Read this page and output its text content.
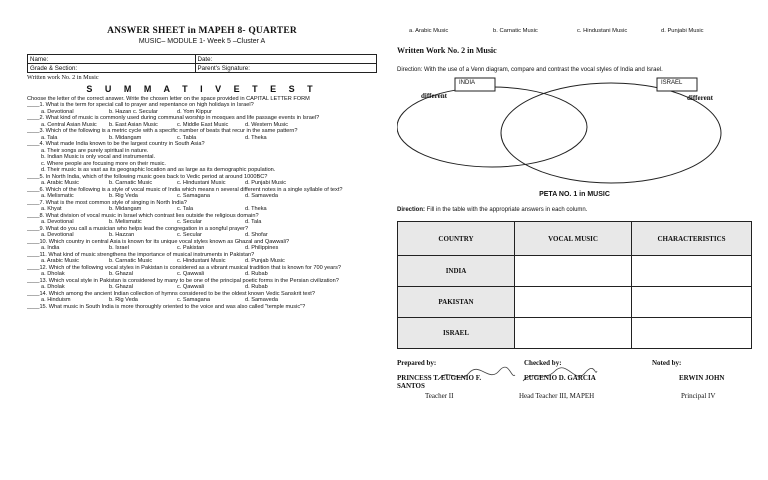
ANSWER SHEET in MAPEH 8- QUARTER
MUSIC– MODULE 1- Week 5 –Cluster A
Name:	Date:
Grade & Section:	Parent's Signature:
Written work No. 2 in Music
S U M M A T I V E T E S T
Choose the letter of the correct answer. Write the chosen letter on the space provided in CAPITAL LETTER FORM
____1. What is the term for special call to prayer and repentance on high holidays in Israel?
a. Devotional	b. Hazan c. Secular	d. Yom Kippur
____2. What kind of music is commonly used during communal worship in mosques and life passage events in Israel?
a. Central Asian Music	b. East Asian Music	c. Middle East Music	d. Western Music
____3. Which of the following is a metric cycle with a specific number of beats that recur in the same pattern?
a. Tala	b. Midangam	c. Tabla	d. Theka
____4. What made India known to be the largest country in South Asia?
a. Their songs are purely spiritual in nature.
b. Indian Music is only vocal and instrumental.
c. Where people are focusing more on their music.
d. Their music is as vast as its geographic location and as large as its demographic population.
____5. In North India, which of the following music goes back to Vedic period at around 1000BC?
a. Arabic Music	b. Carnatic Music	c. Hindustani Music	d. Punjabi Music
____6. Which of the following is a style of vocal music of India which means n several different notes in a single syllable of text?
a. Melismatic	b. Rig Veda	c. Samagana	d. Samaveda
____7. What is the most common style of singing in North India?
a. Khyat	b. Midangam	c. Tala	d. Theka
____8. What division of vocal music in Israel which contrast lies outside the religious domain?
a. Devotional	b. Melismatic	c. Secular	d. Tala
____9. What do you call a musician who helps lead the congregation in a songful prayer?
a. Devotional	b. Hazzan	c. Secular	d. Shofar
____10. Which country in central Asia is known for its unique vocal styles known as Ghazal and Qawwali?
a. India	b. Israel	c. Pakistan	d. Philippines
____11. What kind of music strengthens the importance of musical instruments in Pakistan?
a. Arabic Music	b. Carnatic Music	c. Hindustani Music	d. Punjab Music
____12. Which of the following vocal styles in Pakistan is considered as a vibrant musical tradition that is known for 700 years?
a. Dholak	b. Ghazal	c. Qawwali	d. Rubab
____13. Which vocal style in Pakistan is considered by many to be one of the principal poetic forms in the Persian civilization?
a. Dholak	b. Ghazal	c. Qawwali	d. Rubab
____14. Which among the ancient Indian collection of hymns considered to be the oldest known Vedic Sanskrit text?
a. Hinduism	b. Rig Veda	c. Samagana	d. Samaveda
____15. What music in South India is more thoroughly oriented to the voice and was also called "temple music"?
a. Arabic Music	b. Carnatic Music	c. Hindustani Music	d. Punjabi Music
Written Work No. 2 in Music
Direction: With the use of a Venn diagram, compare and contrast the vocal styles of India and Israel.
INDIA	ISRAEL
different	different
PETA NO. 1 in MUSIC
Direction: Fill in the table with the appropriate answers in each column.
COUNTRY	VOCAL MUSIC	CHARACTERISTICS
INDIA		
PAKISTAN		
ISRAEL		
Prepared by:	Checked by:	Noted by:
PRINCESS T. EUGENIO F. SANTOS
Teacher II
EUGENIO D. GARCIA
Head Teacher III, MAPEH
ERWIN JOHN
Principal IV
